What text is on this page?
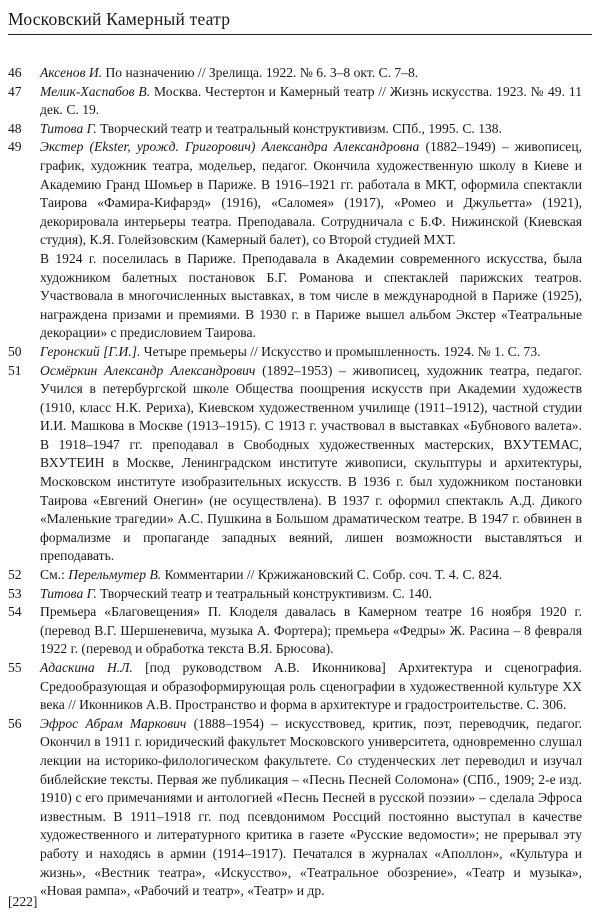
Московский Камерный театр
46	Аксенов И. По назначению // Зрелища. 1922. № 6. 3–8 окт. С. 7–8.
47	Мелик-Хаспабов В. Москва. Честертон и Камерный театр // Жизнь искусства. 1923. № 49. 11 дек. С. 19.
48	Титова Г. Творческий театр и театральный конструктивизм. СПб., 1995. С. 138.
49	Экстер (Ekster, урожд. Григорович) Александра Александровна (1882–1949) – живописец, график, художник театра, модельер, педагог. Окончила художественную школу в Киеве и Академию Гранд Шомьер в Париже. В 1916–1921 гг. работала в МКТ, оформила спектакли Таирова «Фамира-Кифарэд» (1916), «Саломея» (1917), «Ромео и Джульетта» (1921), декорировала интерьеры театра. Преподавала. Сотрудничала с Б.Ф. Нижинской (Киевская студия), К.Я. Голейзовским (Камерный балет), со Второй студией МХТ.
В 1924 г. поселилась в Париже. Преподавала в Академии современного искусства, была художником балетных постановок Б.Г. Романова и спектаклей парижских театров. Участвовала в многочисленных выставках, в том числе в международной в Париже (1925), награждена призами и премиями. В 1930 г. в Париже вышел альбом Экстер «Театральные декорации» с предисловием Таирова.
50	Геронский [Г.И.]. Четыре премьеры // Искусство и промышленность. 1924. № 1. С. 73.
51	Осмёркин Александр Александрович (1892–1953) – живописец, художник театра, педагог. Учился в петербургской школе Общества поощрения искусств при Академии художеств (1910, класс Н.К. Рериха), Киевском художественном училище (1911–1912), частной студии И.И. Машкова в Москве (1913–1915). С 1913 г. участвовал в выставках «Бубнового валета». В 1918–1947 гг. преподавал в Свободных художественных мастерских, ВХУТЕМАС, ВХУТЕИН в Москве, Ленинградском институте живописи, скульптуры и архитектуры, Московском институте изобразительных искусств. В 1936 г. был художником постановки Таирова «Евгений Онегин» (не осуществлена). В 1937 г. оформил спектакль А.Д. Дикого «Маленькие трагедии» А.С. Пушкина в Большом драматическом театре. В 1947 г. обвинен в формализме и пропаганде западных веяний, лишен возможности выставляться и преподавать.
52	См.: Перельмутер В. Комментарии // Кржижановский С. Собр. соч. Т. 4. С. 824.
53	Титова Г. Творческий театр и театральный конструктивизм. С. 140.
54	Премьера «Благовещения» П. Клоделя давалась в Камерном театре 16 ноября 1920 г. (перевод В.Г. Шершеневича, музыка А. Фортера); премьера «Федры» Ж. Расина – 8 февраля 1922 г. (перевод и обработка текста В.Я. Брюсова).
55	Адаскина Н.Л. [под руководством А.В. Иконникова] Архитектура и сценография. Средообразующая и образоформирующая роль сценографии в художественной культуре XX века // Иконников А.В. Пространство и форма в архитектуре и градостроительстве. С. 306.
56	Эфрос Абрам Маркович (1888–1954) – искусствовед, критик, поэт, переводчик, педагог. Окончил в 1911 г. юридический факультет Московского университета, одновременно слушал лекции на историко-филологическом факультете. Со студенческих лет переводил и изучал библейские тексты. Первая же публикация – «Песнь Песней Соломона» (СПб., 1909; 2-е изд. 1910) с его примечаниями и антологией «Песнь Песней в русской поэзии» – сделала Эфроса известным. В 1911–1918 гг. под псевдонимом Россций постоянно выступал в качестве художественного и литературного критика в газете «Русские ведомости»; не прерывал эту работу и находясь в армии (1914–1917). Печатался в журналах «Аполлон», «Культура и жизнь», «Вестник театра», «Искусство», «Театральное обозрение», «Театр и музыка», «Новая рампа», «Рабочий и театр», «Театр» и др.
[222]
